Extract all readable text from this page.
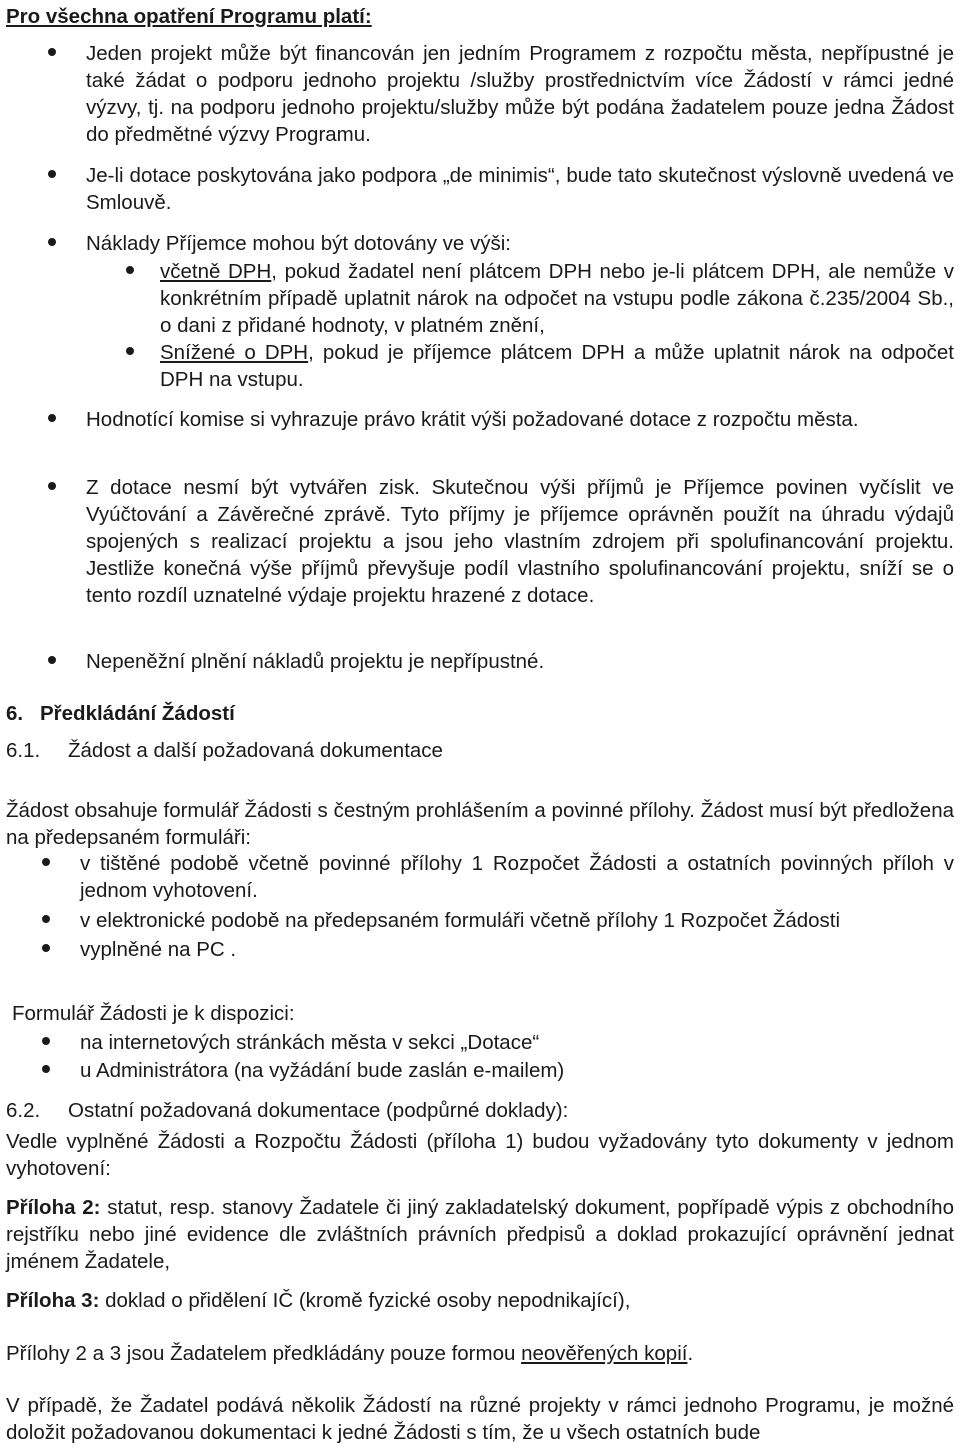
Pro všechna opatření Programu platí:

Jeden projekt může být financován jen jedním Programem z rozpočtu města, nepřípustné je také žádat o podporu jednoho projektu /služby prostřednictvím více Žádostí v rámci jedné výzvy, tj. na podporu jednoho projektu/služby může být podána žadatelem pouze jedna Žádost do předmětné výzvy Programu.

Je-li dotace poskytována jako podpora „de minimis“, bude tato skutečnost výslovně uvedená ve Smlouvě.

Náklady Příjemce mohou být dotovány ve výši:

včetně DPH, pokud žadatel není plátcem DPH nebo je-li plátcem DPH, ale nemůže v konkrétním případě uplatnit nárok na odpočet na vstupu podle zákona č.235/2004 Sb., o dani z přidané hodnoty, v platném znění,

Snížené o DPH, pokud je příjemce plátcem DPH a může uplatnit nárok na odpočet DPH na vstupu.

Hodnotící komise si vyhrazuje právo krátit výši požadované dotace z rozpočtu města.

Z dotace nesmí být vytvářen zisk. Skutečnou výši příjmů je Příjemce povinen vyčíslit ve Vyúčtování a Závěrečné zprávě. Tyto příjmy je příjemce oprávněn použít na úhradu výdajů spojených s realizací projektu a jsou jeho vlastním zdrojem při spolufinancování projektu. Jestliže konečná výše příjmů převyšuje podíl vlastního spolufinancování projektu, sníží se o tento rozdíl uznatelné výdaje projektu hrazené z dotace.

Nepeněžní plnění nákladů projektu je nepřípustné.

6. Předkládání Žádostí
6.1. Žádost a další požadovaná dokumentace

Žádost obsahuje formulář Žádosti s čestným prohlášením a povinné přílohy. Žádost musí být předložena na předepsaném formuláři:

v tištěné podobě včetně povinné přílohy 1 Rozpočet Žádosti a ostatních povinných příloh v jednom vyhotovení.

v elektronické podobě na předepsaném formuláři včetně přílohy 1 Rozpočet Žádosti

vyplněné na PC .

Formulář Žádosti je k dispozici:

na internetových stránkách města v sekci „Dotace“

u Administrátora (na vyžádání bude zaslán e-mailem)

6.2. Ostatní požadovaná dokumentace (podpůrné doklady):

Vedle vyplněné Žádosti a Rozpočtu Žádosti (příloha 1) budou vyžadovány tyto dokumenty v jednom vyhotovení:

Příloha 2: statut, resp. stanovy Žadatele či jiný zakladatelský dokument, popřípadě výpis z obchodního rejstříku nebo jiné evidence dle zvláštních právních předpisů a doklad prokazující oprávnění jednat jménem Žadatele,

Příloha 3: doklad o přidělení IČ (kromě fyzické osoby nepodnikající),

Přílohy 2 a 3 jsou Žadatelem předkládány pouze formou neověřených kopií.

V případě, že Žadatel podává několik Žádostí na různé projekty v rámci jednoho Programu, je možné doložit požadovanou dokumentaci k jedné Žádosti s tím, že u všech ostatních bude
